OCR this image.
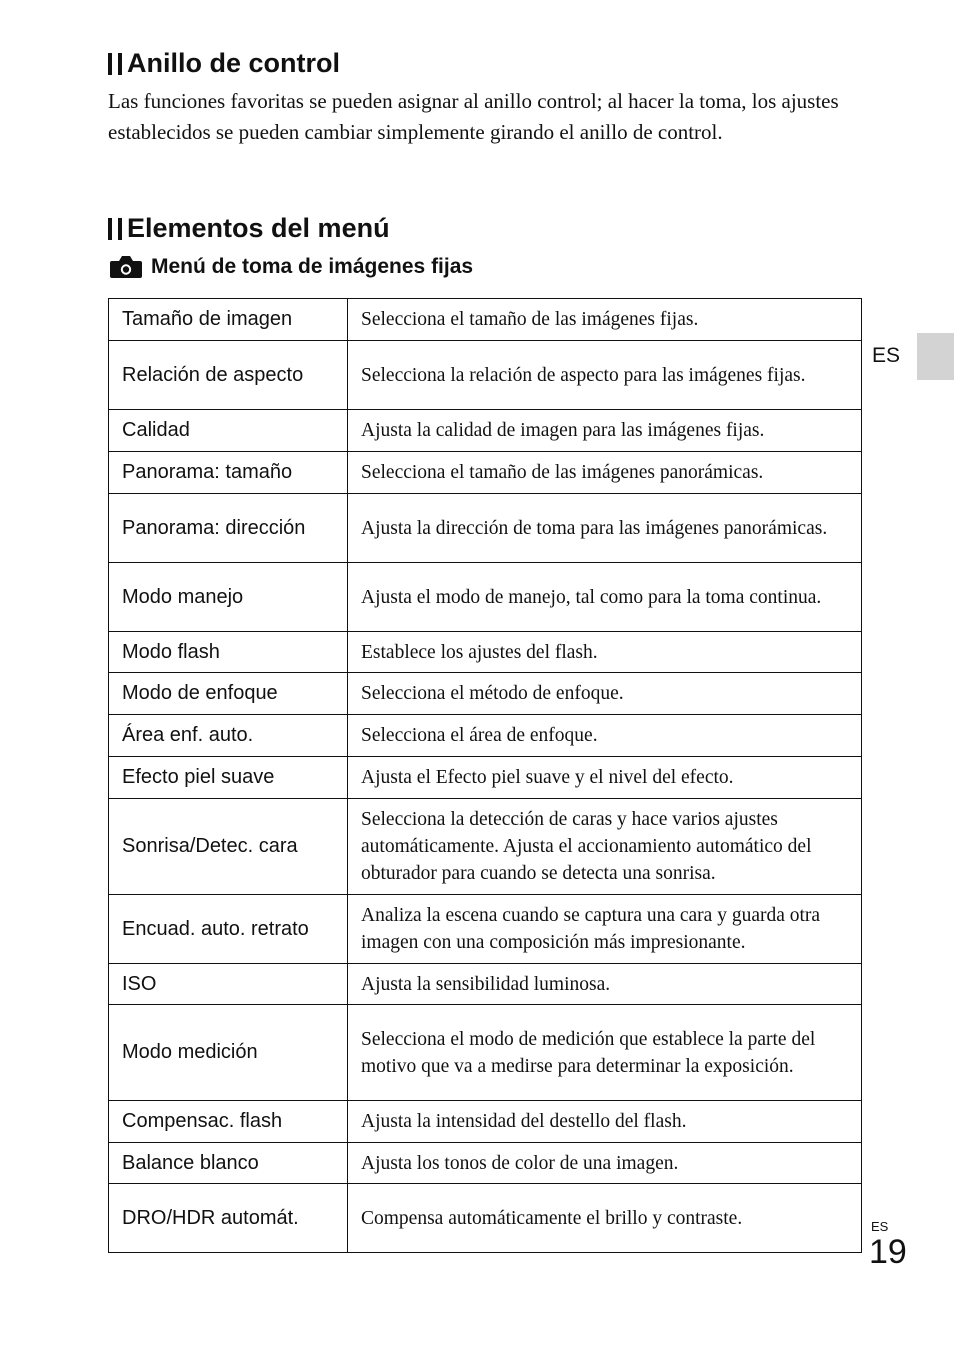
Anillo de control

Las funciones favoritas se pueden asignar al anillo control; al hacer la toma, los ajustes establecidos se pueden cambiar simplemente girando el anillo de control.

Elementos del menú
Menú de toma de imágenes fijas
Tamaño de imagen	Selecciona el tamaño de las imágenes fijas.
Relación de aspecto	Selecciona la relación de aspecto para las imágenes fijas.
Calidad	Ajusta la calidad de imagen para las imágenes fijas.
Panorama: tamaño	Selecciona el tamaño de las imágenes panorámicas.
Panorama: dirección	Ajusta la dirección de toma para las imágenes panorámicas.
Modo manejo	Ajusta el modo de manejo, tal como para la toma continua.
Modo flash	Establece los ajustes del flash.
Modo de enfoque	Selecciona el método de enfoque.
Área enf. auto.	Selecciona el área de enfoque.
Efecto piel suave	Ajusta el Efecto piel suave y el nivel del efecto.
Sonrisa/Detec. cara	Selecciona la detección de caras y hace varios ajustes automáticamente. Ajusta el accionamiento automático del obturador para cuando se detecta una sonrisa.
Encuad. auto. retrato	Analiza la escena cuando se captura una cara y guarda otra imagen con una composición más impresionante.
ISO	Ajusta la sensibilidad luminosa.
Modo medición	Selecciona el modo de medición que establece la parte del motivo que va a medirse para determinar la exposición.
Compensac. flash	Ajusta la intensidad del destello del flash.
Balance blanco	Ajusta los tonos de color de una imagen.
DRO/HDR automát.	Compensa automáticamente el brillo y contraste.
ES
ES
19
